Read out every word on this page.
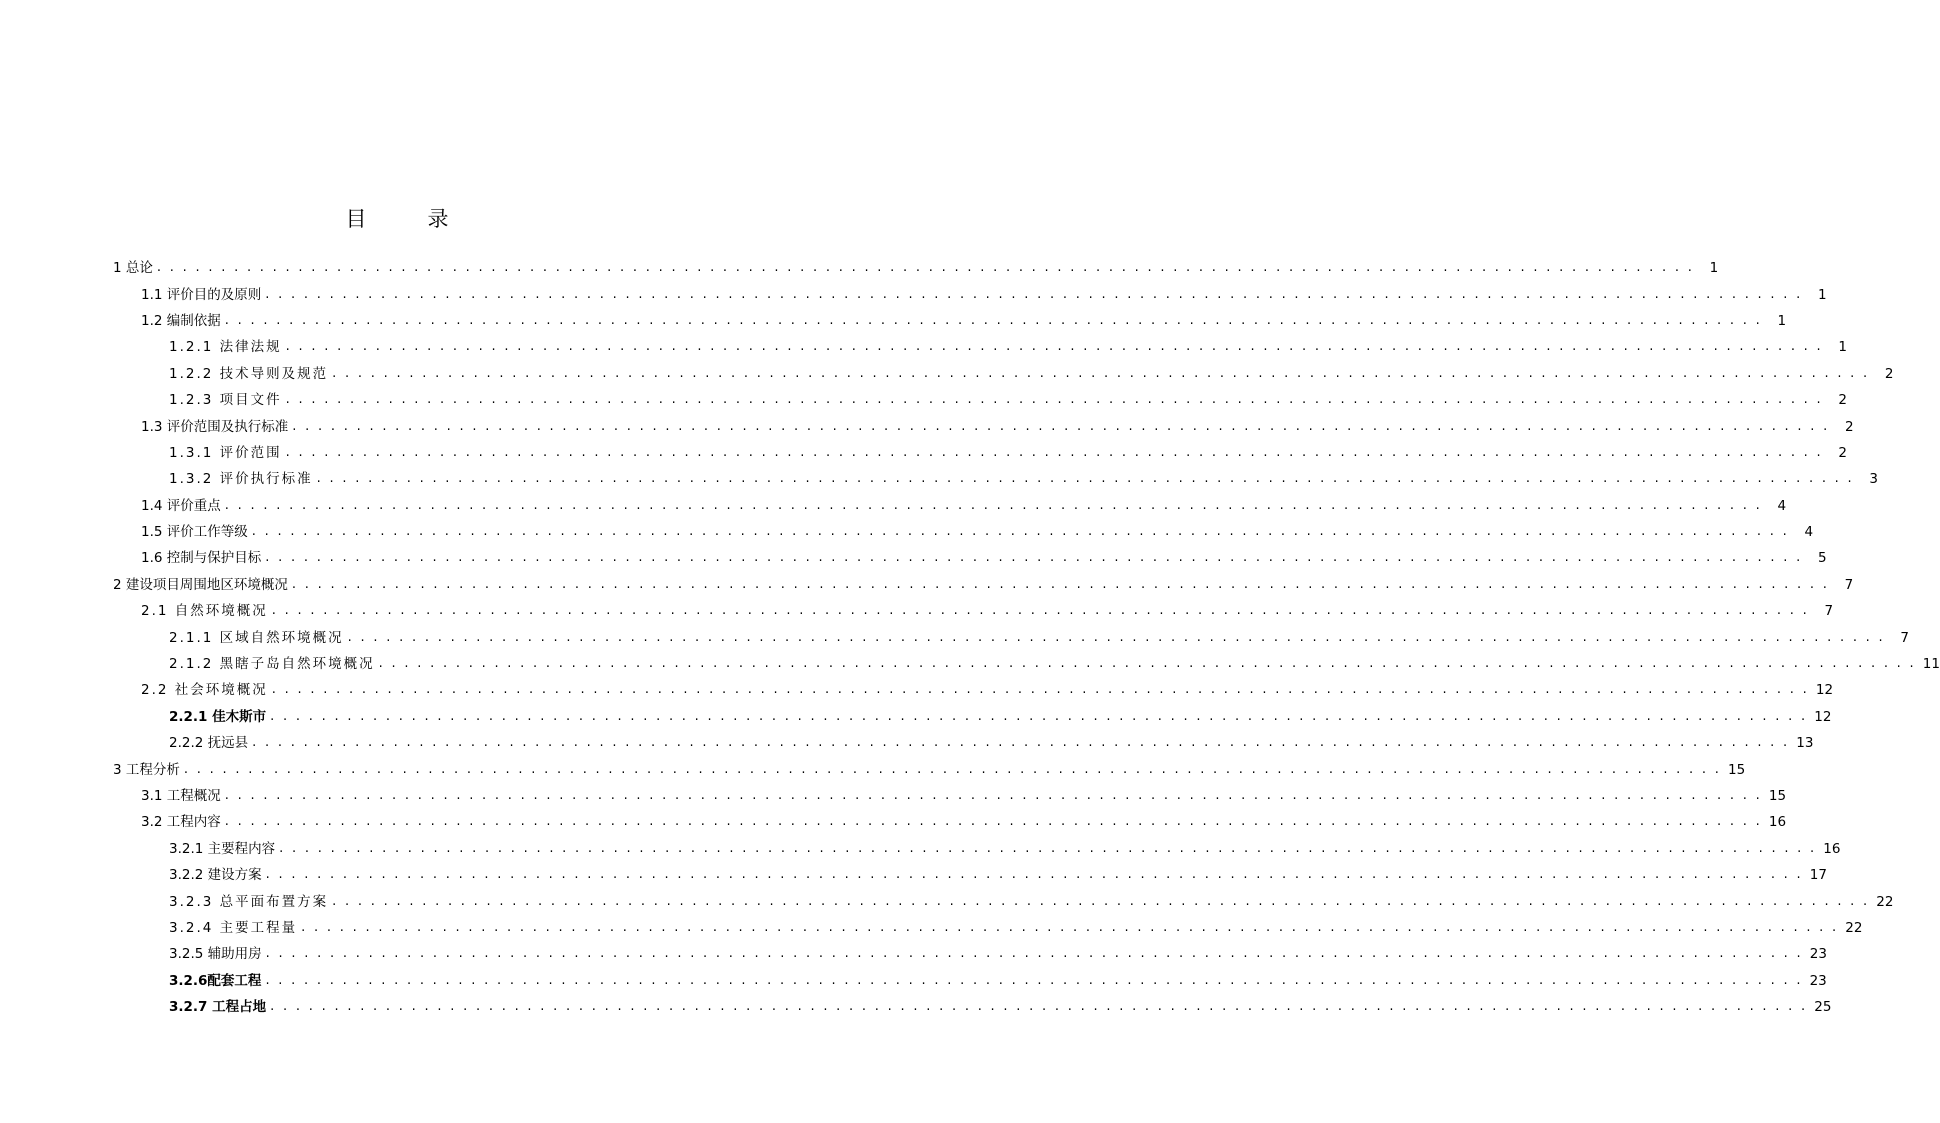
目　录
1 总论 . . . . . . . . . . . . . . . . . . . . . . . . . . . . . . . . . . . . . . . . . . . . . . . . . . . . . . . . . . . . . . . . . . . . . . . . . . . . . . . . . . . . . . . . . . . . . . . . . . . . . . . . . . . . . . . . . . . . . . . .	1
1.1 评价目的及原则 . . . . . . . . . . . . . . . . . . . . . . . . . . . . . . . . . . . . . . . . . . . . . . . . . . . . . . . . . . . . . . . . . . . . . . . . . . . . . . . . . . . . . . . . . . . . . . . . . . . . . . . . . . . . . . . . . . . . . . . .	1
1.2 编制依据 . . . . . . . . . . . . . . . . . . . . . . . . . . . . . . . . . . . . . . . . . . . . . . . . . . . . . . . . . . . . . . . . . . . . . . . . . . . . . . . . . . . . . . . . . . . . . . . . . . . . . . . . . . . . . . . . . . . . . . . .	1
1.2.1 法律法规 . . . . . . . . . . . . . . . . . . . . . . . . . . . . . . . . . . . . . . . . . . . . . . . . . . . . . . . . . . . . . . . . . . . . . . . . . . . . . . . . . . . . . . . . . . . . . . . . . . . . . . . . . . . . . . . . . . . . . . . .	1
1.2.2 技术导则及规范 . . . . . . . . . . . . . . . . . . . . . . . . . . . . . . . . . . . . . . . . . . . . . . . . . . . . . . . . . . . . . . . . . . . . . . . . . . . . . . . . . . . . . . . . . . . . . . . . . . . . . . . . . . . . . . . . . . . . . . . .	2
1.2.3 项目文件 . . . . . . . . . . . . . . . . . . . . . . . . . . . . . . . . . . . . . . . . . . . . . . . . . . . . . . . . . . . . . . . . . . . . . . . . . . . . . . . . . . . . . . . . . . . . . . . . . . . . . . . . . . . . . . . . . . . . . . . .	2
1.3 评价范围及执行标准 . . . . . . . . . . . . . . . . . . . . . . . . . . . . . . . . . . . . . . . . . . . . . . . . . . . . . . . . . . . . . . . . . . . . . . . . . . . . . . . . . . . . . . . . . . . . . . . . . . . . . . . . . . . . . . . . . . . . . . . .	2
1.3.1 评价范围 . . . . . . . . . . . . . . . . . . . . . . . . . . . . . . . . . . . . . . . . . . . . . . . . . . . . . . . . . . . . . . . . . . . . . . . . . . . . . . . . . . . . . . . . . . . . . . . . . . . . . . . . . . . . . . . . . . . . . . . .	2
1.3.2 评价执行标准 . . . . . . . . . . . . . . . . . . . . . . . . . . . . . . . . . . . . . . . . . . . . . . . . . . . . . . . . . . . . . . . . . . . . . . . . . . . . . . . . . . . . . . . . . . . . . . . . . . . . . . . . . . . . . . . . . . . . . . . .	3
1.4 评价重点 . . . . . . . . . . . . . . . . . . . . . . . . . . . . . . . . . . . . . . . . . . . . . . . . . . . . . . . . . . . . . . . . . . . . . . . . . . . . . . . . . . . . . . . . . . . . . . . . . . . . . . . . . . . . . . . . . . . . . . . .	4
1.5 评价工作等级 . . . . . . . . . . . . . . . . . . . . . . . . . . . . . . . . . . . . . . . . . . . . . . . . . . . . . . . . . . . . . . . . . . . . . . . . . . . . . . . . . . . . . . . . . . . . . . . . . . . . . . . . . . . . . . . . . . . . . . . .	4
1.6 控制与保护目标 . . . . . . . . . . . . . . . . . . . . . . . . . . . . . . . . . . . . . . . . . . . . . . . . . . . . . . . . . . . . . . . . . . . . . . . . . . . . . . . . . . . . . . . . . . . . . . . . . . . . . . . . . . . . . . . . . . . . . . . .	5
2 建设项目周围地区环境概况 . . . . . . . . . . . . . . . . . . . . . . . . . . . . . . . . . . . . . . . . . . . . . . . . . . . . . . . . . . . . . . . . . . . . . . . . . . . . . . . . . . . . . . . . . . . . . . . . . . . . . . . . . . . . . . . . . . . . . . . .	7
2.1 自然环境概况 . . . . . . . . . . . . . . . . . . . . . . . . . . . . . . . . . . . . . . . . . . . . . . . . . . . . . . . . . . . . . . . . . . . . . . . . . . . . . . . . . . . . . . . . . . . . . . . . . . . . . . . . . . . . . . . . . . . . . . . .	7
2.1.1 区域自然环境概况 . . . . . . . . . . . . . . . . . . . . . . . . . . . . . . . . . . . . . . . . . . . . . . . . . . . . . . . . . . . . . . . . . . . . . . . . . . . . . . . . . . . . . . . . . . . . . . . . . . . . . . . . . . . . . . . . . . . . . . . .	7
2.1.2 黑瞎子岛自然环境概况 . . . . . . . . . . . . . . . . . . . . . . . . . . . . . . . . . . . . . . . . . . . . . . . . . . . . . . . . . . . . . . . . . . . . . . . . . . . . . . . . . . . . . . . . . . . . . . . . . . . . . . . . . . . . . . . . . . . . . . . . 11
2.2 社会环境概况 . . . . . . . . . . . . . . . . . . . . . . . . . . . . . . . . . . . . . . . . . . . . . . . . . . . . . . . . . . . . . . . . . . . . . . . . . . . . . . . . . . . . . . . . . . . . . . . . . . . . . . . . . . . . . . . . . . . . . . . . 12
2.2.1 佳木斯市 . . . . . . . . . . . . . . . . . . . . . . . . . . . . . . . . . . . . . . . . . . . . . . . . . . . . . . . . . . . . . . . . . . . . . . . . . . . . . . . . . . . . . . . . . . . . . . . . . . . . . . . . . . . . . . . . . . . . . . . . 12
2.2.2 抚远县 . . . . . . . . . . . . . . . . . . . . . . . . . . . . . . . . . . . . . . . . . . . . . . . . . . . . . . . . . . . . . . . . . . . . . . . . . . . . . . . . . . . . . . . . . . . . . . . . . . . . . . . . . . . . . . . . . . . . . . . . 13
3 工程分析 . . . . . . . . . . . . . . . . . . . . . . . . . . . . . . . . . . . . . . . . . . . . . . . . . . . . . . . . . . . . . . . . . . . . . . . . . . . . . . . . . . . . . . . . . . . . . . . . . . . . . . . . . . . . . . . . . . . . . . . . 15
3.1 工程概况 . . . . . . . . . . . . . . . . . . . . . . . . . . . . . . . . . . . . . . . . . . . . . . . . . . . . . . . . . . . . . . . . . . . . . . . . . . . . . . . . . . . . . . . . . . . . . . . . . . . . . . . . . . . . . . . . . . . . . . . . 15
3.2 工程内容 . . . . . . . . . . . . . . . . . . . . . . . . . . . . . . . . . . . . . . . . . . . . . . . . . . . . . . . . . . . . . . . . . . . . . . . . . . . . . . . . . . . . . . . . . . . . . . . . . . . . . . . . . . . . . . . . . . . . . . . . 16
3.2.1 主要程内容 . . . . . . . . . . . . . . . . . . . . . . . . . . . . . . . . . . . . . . . . . . . . . . . . . . . . . . . . . . . . . . . . . . . . . . . . . . . . . . . . . . . . . . . . . . . . . . . . . . . . . . . . . . . . . . . . . . . . . . . . 16
3.2.2 建设方案 . . . . . . . . . . . . . . . . . . . . . . . . . . . . . . . . . . . . . . . . . . . . . . . . . . . . . . . . . . . . . . . . . . . . . . . . . . . . . . . . . . . . . . . . . . . . . . . . . . . . . . . . . . . . . . . . . . . . . . . . 17
3.2.3 总平面布置方案 . . . . . . . . . . . . . . . . . . . . . . . . . . . . . . . . . . . . . . . . . . . . . . . . . . . . . . . . . . . . . . . . . . . . . . . . . . . . . . . . . . . . . . . . . . . . . . . . . . . . . . . . . . . . . . . . . . . . . . . . 22
3.2.4 主要工程量 . . . . . . . . . . . . . . . . . . . . . . . . . . . . . . . . . . . . . . . . . . . . . . . . . . . . . . . . . . . . . . . . . . . . . . . . . . . . . . . . . . . . . . . . . . . . . . . . . . . . . . . . . . . . . . . . . . . . . . . . 22
3.2.5 辅助用房 . . . . . . . . . . . . . . . . . . . . . . . . . . . . . . . . . . . . . . . . . . . . . . . . . . . . . . . . . . . . . . . . . . . . . . . . . . . . . . . . . . . . . . . . . . . . . . . . . . . . . . . . . . . . . . . . . . . . . . . . 23
3.2.6配套工程 . . . . . . . . . . . . . . . . . . . . . . . . . . . . . . . . . . . . . . . . . . . . . . . . . . . . . . . . . . . . . . . . . . . . . . . . . . . . . . . . . . . . . . . . . . . . . . . . . . . . . . . . . . . . . . . . . . . . . . . . 23
3.2.7 工程占地 . . . . . . . . . . . . . . . . . . . . . . . . . . . . . . . . . . . . . . . . . . . . . . . . . . . . . . . . . . . . . . . . . . . . . . . . . . . . . . . . . . . . . . . . . . . . . . . . . . . . . . . . . . . . . . . . . . . . . . . . 25
